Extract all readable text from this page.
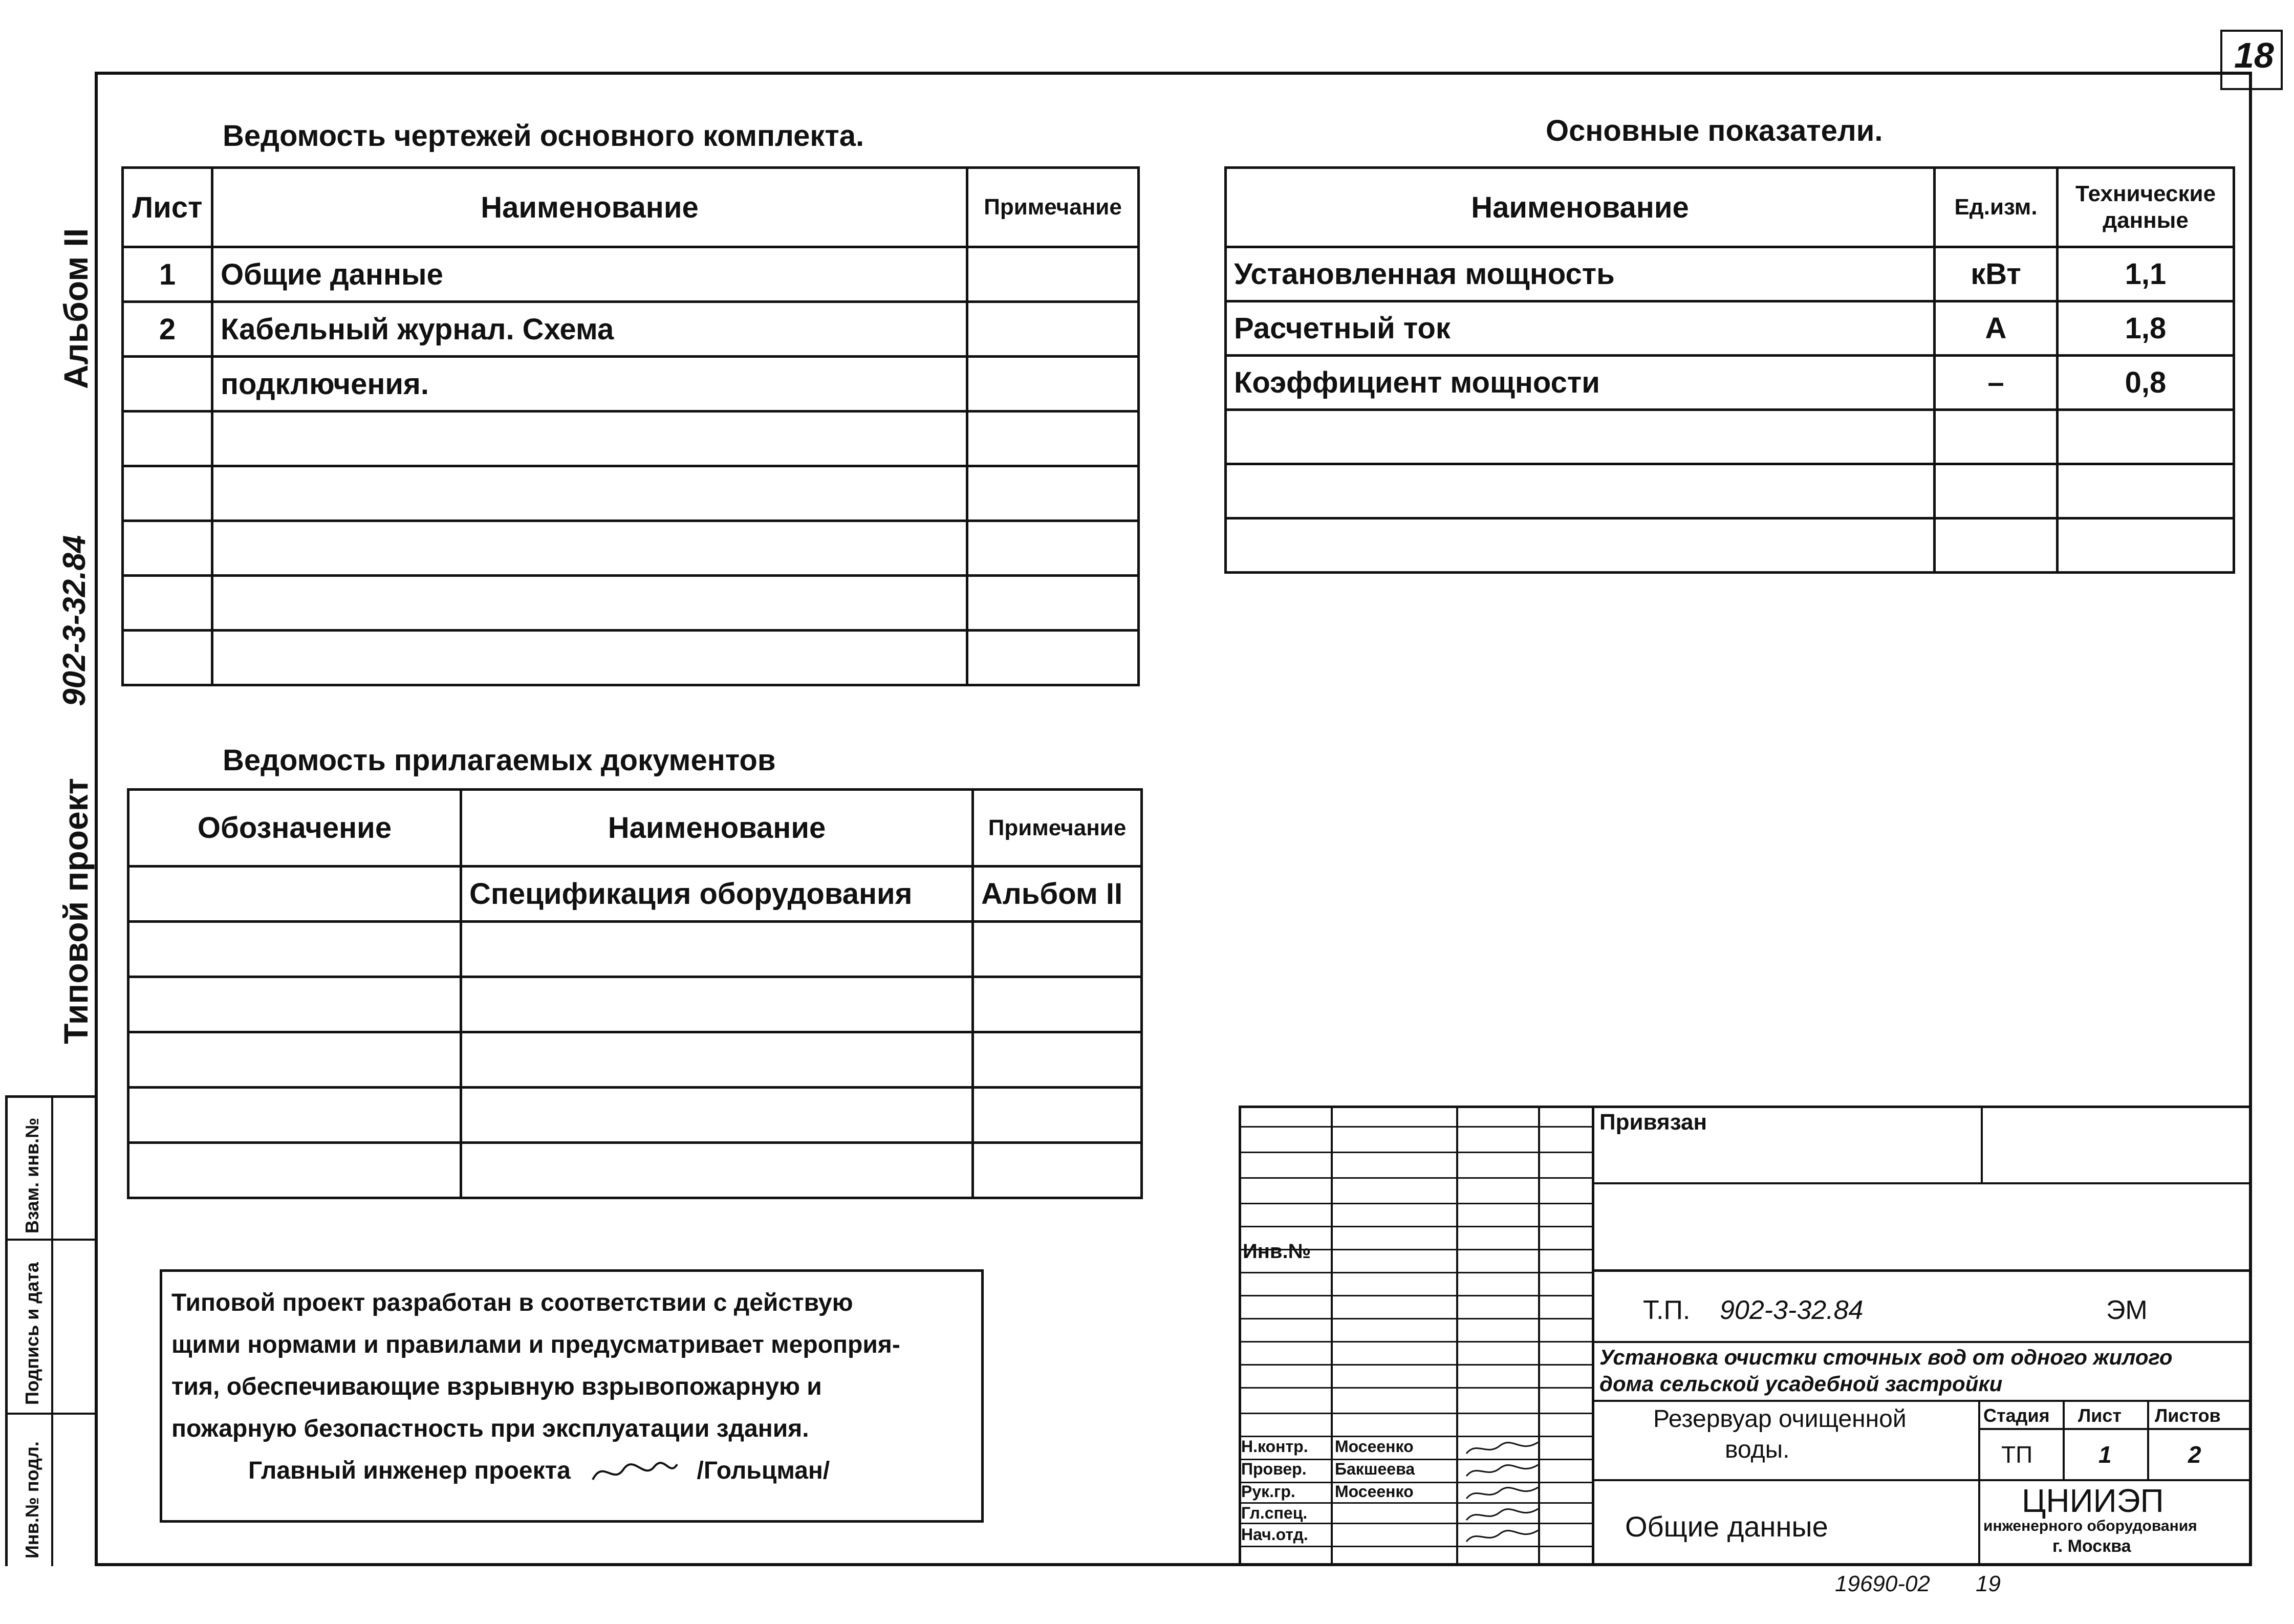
18
Альбом II
902-3-32.84
Типовой проект
Взам. инв.№
Подпись и дата
Инв.№ подл.
Ведомость чертежей основного комплекта.
Лист	Наименование	Примечание
1	Общие данные	
2	Кабельный журнал. Схема	
	подключения.	

Основные показатели.
Наименование	Ед.изм.	Технические данные
Установленная мощность	кВт	1,1
Расчетный ток	А	1,8
Коэффициент мощности	–	0,8

Ведомость прилагаемых документов
Обозначение	Наименование	Примечание
	Спецификация оборудования	Альбом II

Типовой проект разработан в соответствии с действую
щими нормами и правилами и предусматривает мероприя-
тия, обеспечивающие взрывную взрывопожарную и
пожарную безопастность при эксплуатации здания.
Главный инженер проекта	/Гольцман/
Н.контр. Мосеенко
Провер. Бакшеева
Рук.гр. Мосеенко
Гл.спец.
Нач.отд.
Привязан
Инв.№
Т.П. 902-3-32.84	ЭМ
Установка очистки сточных вод от одного жилого
дома сельской усадебной застройки
Резервуар очищенной
воды.
Стадия Лист Листов
ТП	1	2
Общие данные
ЦНИИЭП
инженерного оборудования
г. Москва
19690-02 19
